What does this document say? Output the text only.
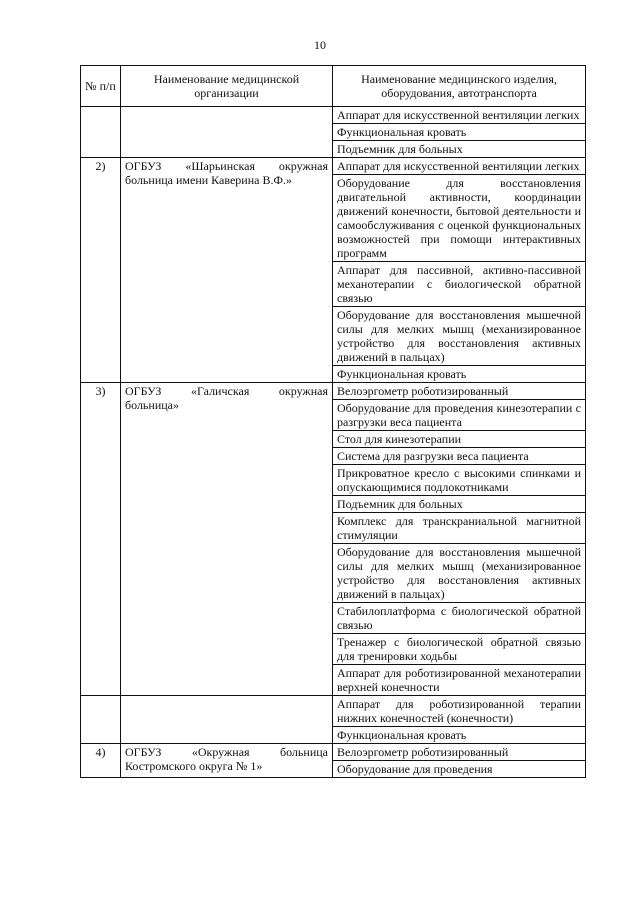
10
№ п/п	Наименование медицинской организации	Наименование медицинского изделия, оборудования, автотранспорта
		Аппарат для искусственной вентиляции легких
		Функциональная кровать
		Подъемник для больных
2)	ОГБУЗ «Шарьинская окружная больница имени Каверина В.Ф.»	Аппарат для искусственной вентиляции легких
		Оборудование для восстановления двигательной активности, координации движений конечности, бытовой деятельности и самообслуживания с оценкой функциональных возможностей при помощи интерактивных программ
		Аппарат для пассивной, активно-пассивной механотерапии с биологической обратной связью
		Оборудование для восстановления мышечной силы для мелких мышц (механизированное устройство для восстановления активных движений в пальцах)
		Функциональная кровать
3)	ОГБУЗ «Галичская окружная больница»	Велоэргометр роботизированный
		Оборудование для проведения кинезотерапии с разгрузки веса пациента
		Стол для кинезотерапии
		Система для разгрузки веса пациента
		Прикроватное кресло с высокими спинками и опускающимися подлокотниками
		Подъемник для больных
		Комплекс для транскраниальной магнитной стимуляции
		Оборудование для восстановления мышечной силы для мелких мышц (механизированное устройство для восстановления активных движений в пальцах)
		Стабилоплатформа с биологической обратной связью
		Тренажер с биологической обратной связью для тренировки ходьбы
		Аппарат для роботизированной механотерапии верхней конечности
		Аппарат для роботизированной терапии нижних конечностей (конечности)
		Функциональная кровать
4)	ОГБУЗ «Окружная больница Костромского округа № 1»	Велоэргометр роботизированный
		Оборудование для проведения
